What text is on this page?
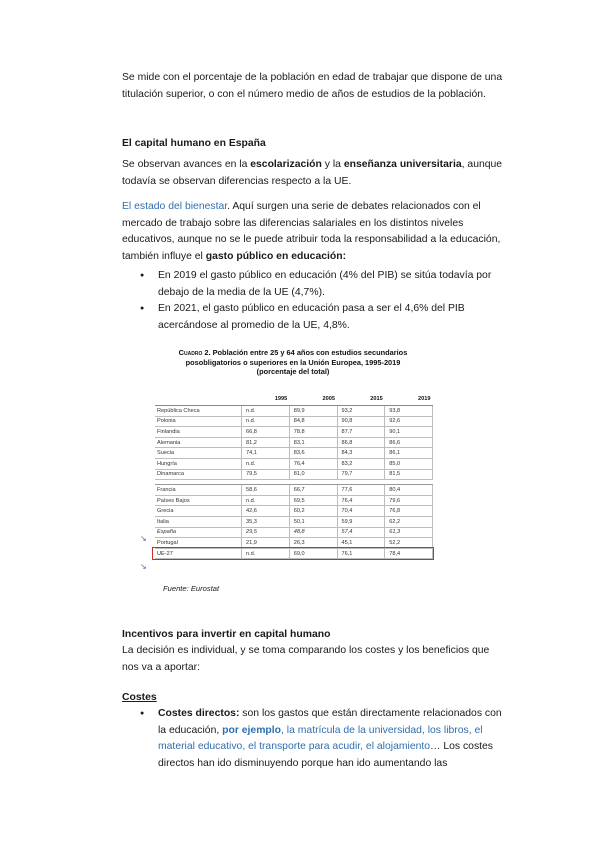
Se mide con el porcentaje de la población en edad de trabajar que dispone de una
titulación superior, o con el número medio de años de estudios de la población.
El capital humano en España
Se observan avances en la escolarización y la enseñanza universitaria, aunque
todavía se observan diferencias respecto a la UE.
El estado del bienestar. Aquí surgen una serie de debates relacionados con el
mercado de trabajo sobre las diferencias salariales en los distintos niveles
educativos, aunque no se le puede atribuir toda la responsabilidad a la educación,
también influye el gasto público en educación:
● En 2019 el gasto público en educación (4% del PIB) se sitúa todavía por
debajo de la media de la UE (4,7%).
● En 2021, el gasto público en educación pasa a ser el 4,6% del PIB
acercándose al promedio de la UE, 4,8%.
Cuadro 2. Población entre 25 y 64 años con estudios secundarios
posobligatorios o superiores en la Unión Europea, 1995-2019
(porcentaje del total)
	1995	2005	2015	2019
República Checa	n.d.	89,9	93,2	93,8
Polonia	n.d.	84,8	90,8	92,6
Finlandia	66,8	78,8	87,7	90,1
Alemania	81,2	83,1	86,8	86,6
Suecia	74,1	83,6	84,3	86,1
Hungría	n.d.	76,4	83,2	85,0
Dinamarca	79,5	81,0	79,7	81,5

Francia	58,6	66,7	77,6	80,4
Países Bajos	n.d.	69,5	76,4	79,6
Grecia	42,6	60,2	70,4	76,8
Italia	35,3	50,1	59,9	62,2
España	29,5	48,8	57,4	61,3
Portugal	21,9	26,3	45,1	52,2
UE-27	n.d.	69,0	76,1	78,4
↘
↘
Fuente: Eurostat
Incentivos para invertir en capital humano
La decisión es individual, y se toma comparando los costes y los beneficios que
nos va a aportar:
Costes
● Costes directos: son los gastos que están directamente relacionados con
la educación, por ejemplo, la matrícula de la universidad, los libros, el
material educativo, el transporte para acudir, el alojamiento… Los costes
directos han ido disminuyendo porque han ido aumentando las
